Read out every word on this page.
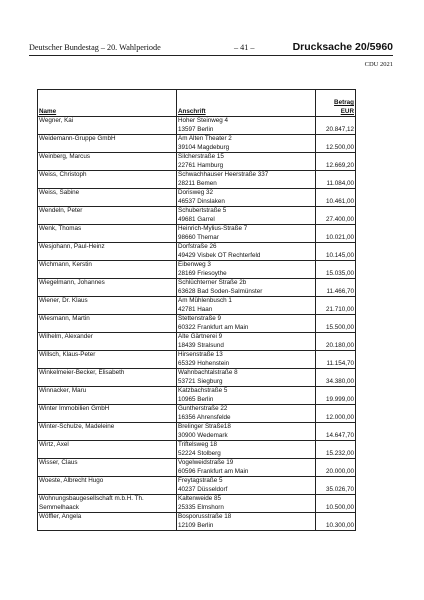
Deutscher Bundestag – 20. Wahlperiode	– 41 –	Drucksache 20/5960
CDU 2021
Name	Anschrift	Betrag
EUR
Wegner, Kai	Hoher Steinweg 4
13597 Berlin	20.847,12
Weidemann-Gruppe GmbH	Am Alten Theater 2
39104 Magdeburg	12.500,00
Weinberg, Marcus	Silcherstraße 15
22761 Hamburg	12.669,20
Weiss, Christoph	Schwachhauser Heerstraße 337
28211 Bemen	11.084,00
Weiss, Sabine	Dorisweg 32
46537 Dinslaken	10.461,00
Wendeln, Peter	Schubertstraße 5
49681 Garrel	27.400,00
Wenk, Thomas	Heinrich-Mylius-Straße 7
98660 Themar	10.021,00
Wesjohann, Paul-Heinz	Dorfstraße 26
49429 Visbek OT Rechterfeld	10.145,00
Wichmann, Kerstin	Eibenweg 3
28169 Friesoythe	15.035,00
Wiegelmann, Johannes	Schlüchterner Straße 2b
63628 Bad Soden-Salmünster	11.466,70
Wiener, Dr. Klaus	Am Mühlenbusch 1
42781 Haan	21.710,00
Wiesmann, Martin	Stettenstraße 9
60322 Frankfurt am Main	15.500,00
Wilhelm, Alexander	Alte Gärtnerei 9
18439 Stralsund	20.180,00
Willsch, Klaus-Peter	Hirsenstraße 13
65329 Hohenstein	11.154,70
Winkelmeier-Becker, Elisabeth	Wahnbachtalstraße 8
53721 Siegburg	34.380,00
Winnacker, Maru	Katzbachstraße 5
10965 Berlin	19.999,00
Winter Immobilien GmbH	Guntherstraße 22
16356 Ahrensfelde	12.000,00
Winter-Schulze, Madeleine	Brelinger Straße18
30900 Wedemark	14.647,70
Wirtz, Axel	Triftelsweg 18
52224 Stolberg	15.232,00
Wisser, Claus	Vogelweidstraße 19
60596 Frankfurt am Main	20.000,00
Woeste, Albrecht Hugo	Freytagstraße 5
40237 Düsseldorf	35.026,70
Wohnungsbaugesellschaft m.b.H. Th.
Semmelhaack	Kaltenweide 85
25335 Elmshorn	10.500,00
Wöffler, Angela	Bosporusstraße 18
12109 Berlin	10.300,00
